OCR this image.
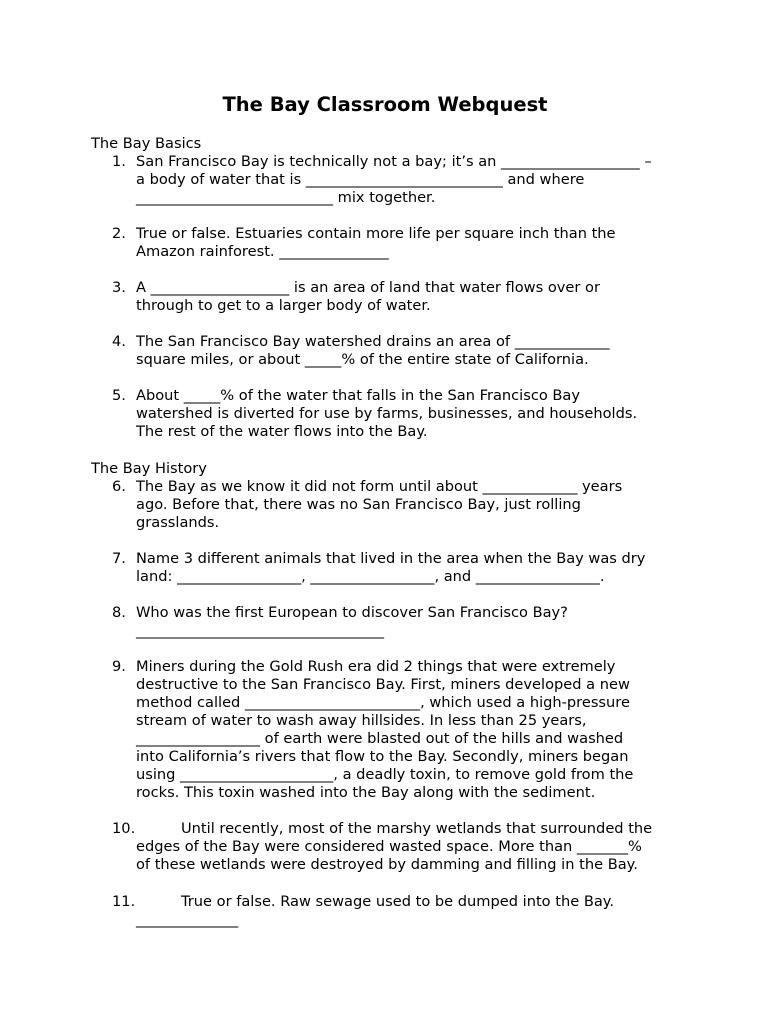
The Bay Classroom Webquest
The Bay Basics
1. San Francisco Bay is technically not a bay; it’s an ___________________ –
a body of water that is ___________________________ and where
___________________________ mix together.
2. True or false. Estuaries contain more life per square inch than the
Amazon rainforest. _______________
3. A ___________________ is an area of land that water flows over or
through to get to a larger body of water.
4. The San Francisco Bay watershed drains an area of _____________
square miles, or about _____% of the entire state of California.
5. About _____% of the water that falls in the San Francisco Bay
watershed is diverted for use by farms, businesses, and households.
The rest of the water flows into the Bay.
The Bay History
6. The Bay as we know it did not form until about _____________ years
ago. Before that, there was no San Francisco Bay, just rolling
grasslands.
7. Name 3 different animals that lived in the area when the Bay was dry
land: _________________, _________________, and _________________.
8. Who was the first European to discover San Francisco Bay?
__________________________________
9. Miners during the Gold Rush era did 2 things that were extremely
destructive to the San Francisco Bay. First, miners developed a new
method called ________________________, which used a high-pressure
stream of water to wash away hillsides. In less than 25 years,
_________________ of earth were blasted out of the hills and washed
into California’s rivers that flow to the Bay. Secondly, miners began
using _____________________, a deadly toxin, to remove gold from the
rocks. This toxin washed into the Bay along with the sediment.
10.	Until recently, most of the marshy wetlands that surrounded the
edges of the Bay were considered wasted space. More than _______%
of these wetlands were destroyed by damming and filling in the Bay.
11.	True or false. Raw sewage used to be dumped into the Bay.
______________
